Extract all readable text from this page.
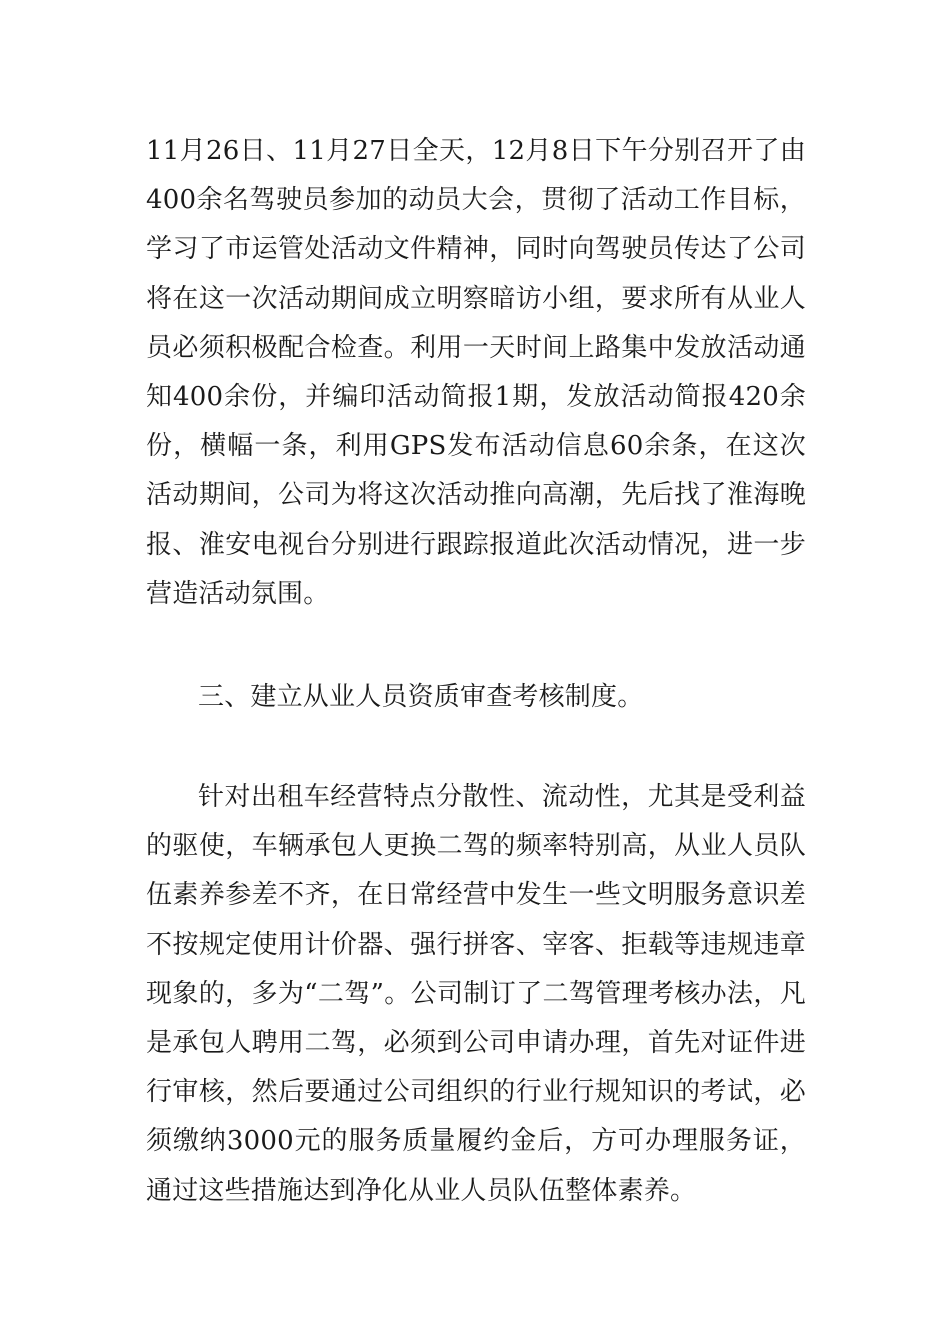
11月26日、11月27日全天，12月8日下午分别召开了由400余名驾驶员参加的动员大会，贯彻了活动工作目标，学习了市运管处活动文件精神，同时向驾驶员传达了公司将在这一次活动期间成立明察暗访小组，要求所有从业人员必须积极配合检查。利用一天时间上路集中发放活动通知400余份，并编印活动简报1期，发放活动简报420余份，横幅一条，利用GPS发布活动信息60余条，在这次活动期间，公司为将这次活动推向高潮，先后找了淮海晚报、淮安电视台分别进行跟踪报道此次活动情况，进一步营造活动氛围。

三、建立从业人员资质审查考核制度。

针对出租车经营特点分散性、流动性，尤其是受利益的驱使，车辆承包人更换二驾的频率特别高，从业人员队伍素养参差不齐，在日常经营中发生一些文明服务意识差不按规定使用计价器、强行拼客、宰客、拒载等违规违章现象的，多为“二驾”。公司制订了二驾管理考核办法，凡是承包人聘用二驾，必须到公司申请办理，首先对证件进行审核，然后要通过公司组织的行业行规知识的考试，必须缴纳3000元的服务质量履约金后，方可办理服务证，通过这些措施达到净化从业人员队伍整体素养。
